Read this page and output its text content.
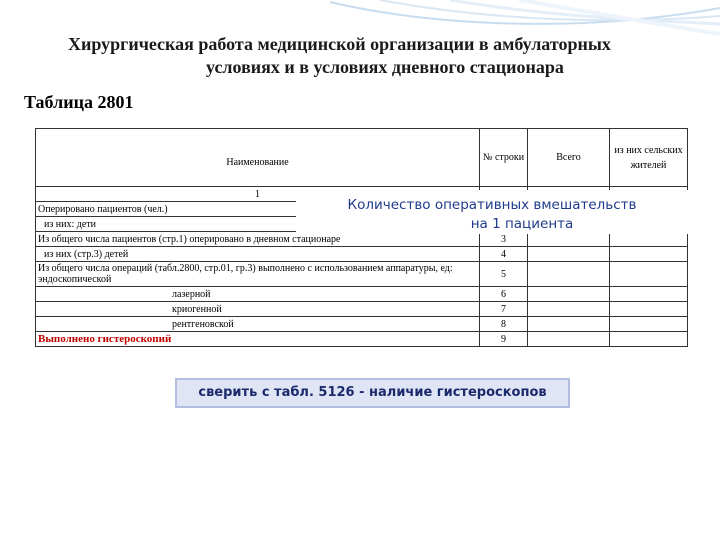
Хирургическая работа медицинской организации в амбулаторных
условиях и в условиях дневного стационара
Таблица 2801
Наименование	№ строки	Всего	из них сельских жителей
1			
Оперировано пациентов (чел.)			
из них: дети			
Из общего числа пациентов (стр.1) оперировано в дневном стационаре	3		
из них (стр.3) детей	4		
Из общего числа операций (табл.2800, стр.01, гр.3) выполнено с использованием аппаратуры, ед: эндоскопической	5		
лазерной	6		
криогенной	7		
рентгеновской	8		
Выполнено гистероскопий	9		
Количество оперативных вмешательств
на 1 пациента
сверить с табл. 5126 - наличие гистероскопов
